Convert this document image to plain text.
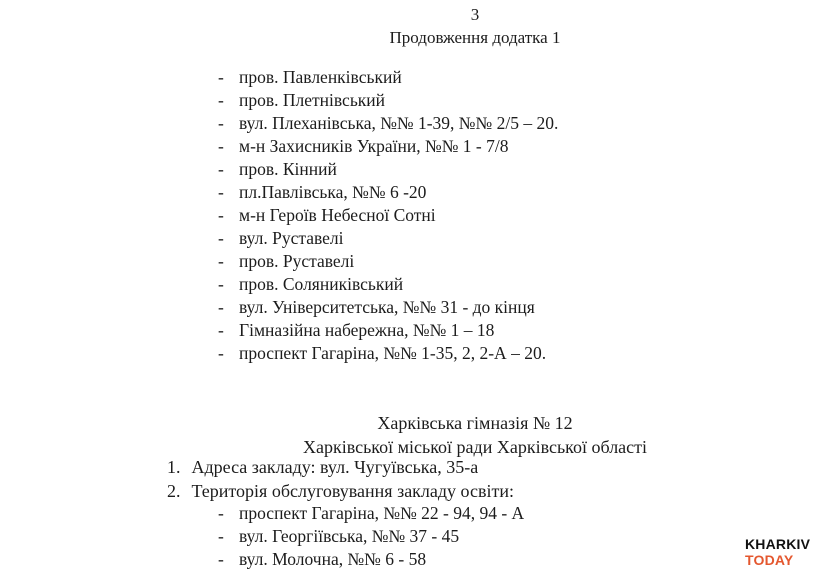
3
Продовження додатка 1
- пров. Павленківський
- пров. Плетнівський
- вул. Плеханівська, №№ 1-39, №№ 2/5 – 20.
- м-н Захисників України, №№ 1 - 7/8
- пров. Кінний
- пл.Павлівська, №№ 6 -20
- м-н Героїв Небесної Сотні
- вул. Руставелі
- пров. Руставелі
- пров. Соляниківський
- вул. Університетська, №№ 31 - до кінця
- Гімназійна набережна, №№ 1 – 18
- проспект Гагаріна, №№ 1-35, 2, 2-А – 20.
Харківська гімназія № 12
Харківської міської ради Харківської області
1. Адреса закладу: вул. Чугуївська, 35-а
2. Територія обслуговування закладу освіти:
- проспект Гагаріна, №№ 22 - 94, 94 - А
- вул. Георгіївська, №№ 37 - 45
- вул. Молочна, №№ 6 - 58
KHARKIV
TODAY
